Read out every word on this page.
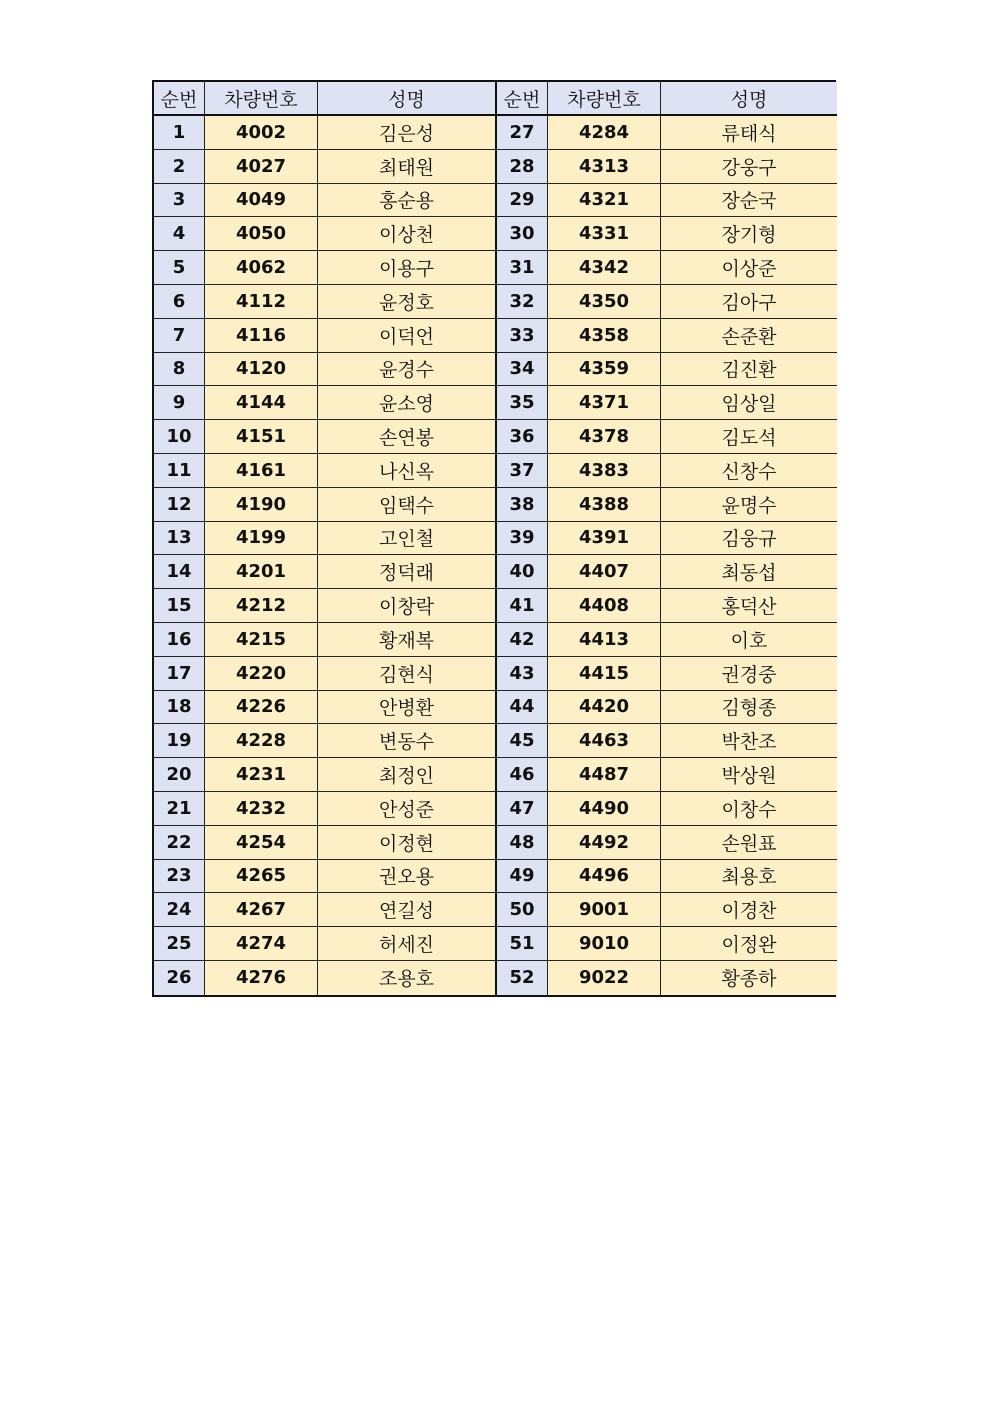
순번	차량번호	성명
1	4002	김은성
2	4027	최태원
3	4049	홍순용
4	4050	이상천
5	4062	이용구
6	4112	윤정호
7	4116	이덕언
8	4120	윤경수
9	4144	윤소영
10	4151	손연봉
11	4161	나신옥
12	4190	임택수
13	4199	고인철
14	4201	정덕래
15	4212	이창락
16	4215	황재복
17	4220	김현식
18	4226	안병환
19	4228	변동수
20	4231	최정인
21	4232	안성준
22	4254	이정현
23	4265	권오용
24	4267	연길성
25	4274	허세진
26	4276	조용호
순번	차량번호	성명
27	4284	류태식
28	4313	강웅구
29	4321	장순국
30	4331	장기형
31	4342	이상준
32	4350	김아구
33	4358	손준환
34	4359	김진환
35	4371	임상일
36	4378	김도석
37	4383	신창수
38	4388	윤명수
39	4391	김웅규
40	4407	최동섭
41	4408	홍덕산
42	4413	이호
43	4415	권경중
44	4420	김형종
45	4463	박찬조
46	4487	박상원
47	4490	이창수
48	4492	손원표
49	4496	최용호
50	9001	이경찬
51	9010	이정완
52	9022	황종하
